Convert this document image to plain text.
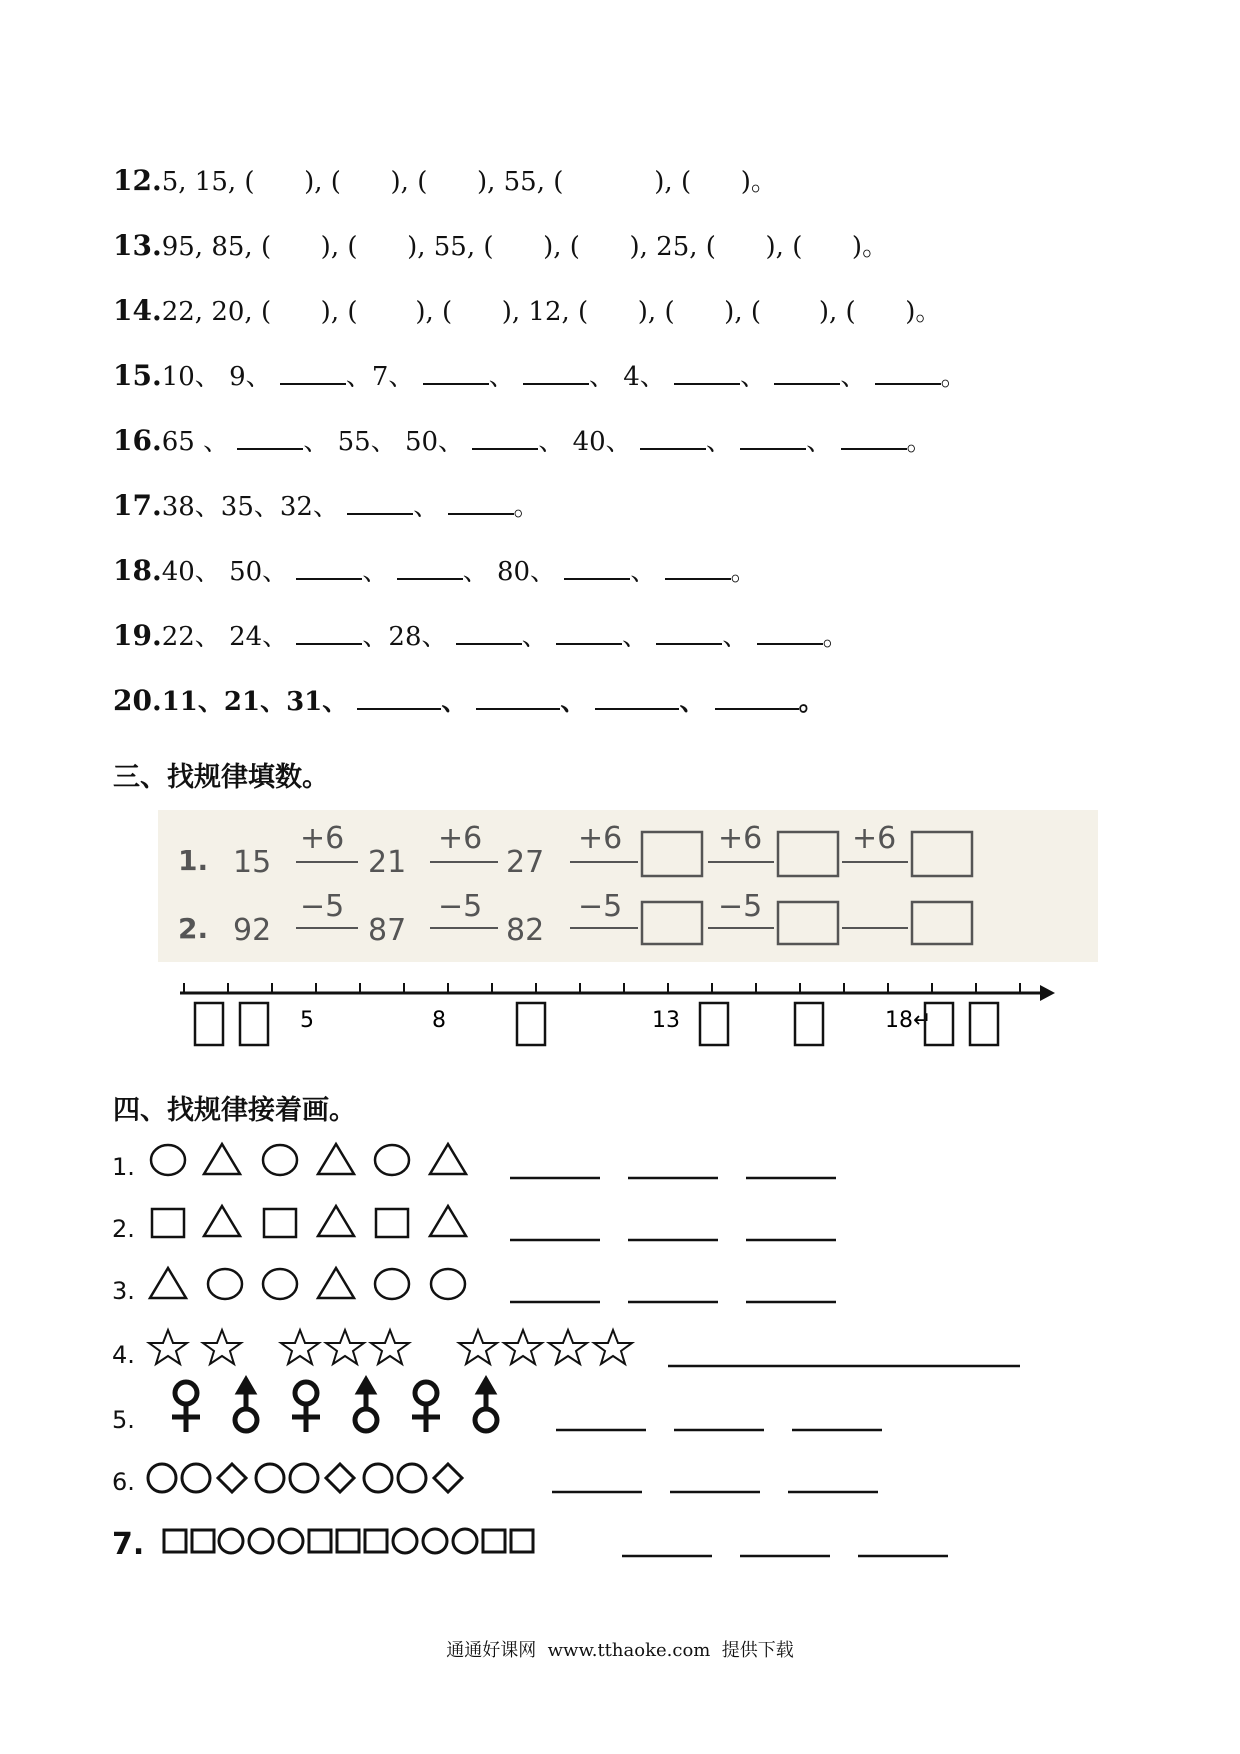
12.5, 15, (      ), (      ), (      ), 55, (           ), (      )。
13.95, 85, (      ), (      ), 55, (      ), (      ), 25, (      ), (      )。
14.22, 20, (      ), (       ), (      ), 12, (      ), (      ), (       ), (      )。
15.10、 9、	、7、	、	、 4、	、	、	。
16.65 、	、 55、 50、	、 40、	、	、	。
17.38、35、32、	、	。
18.40、 50、	、	、 80、	、	。
19.22、 24、	、28、	、	、	、	。
20.11、21、31、	、	、	、	。
三、找规律填数。
1. 15
+6
21
+6
27
+6	+6	+6
2. 92
−5
87
−5
82
−5	−5
5	8	13	18↵
四、找规律接着画。
1.
2.
3.
4.
5.
6.
7.
通通好课网  www.tthaoke.com  提供下载
